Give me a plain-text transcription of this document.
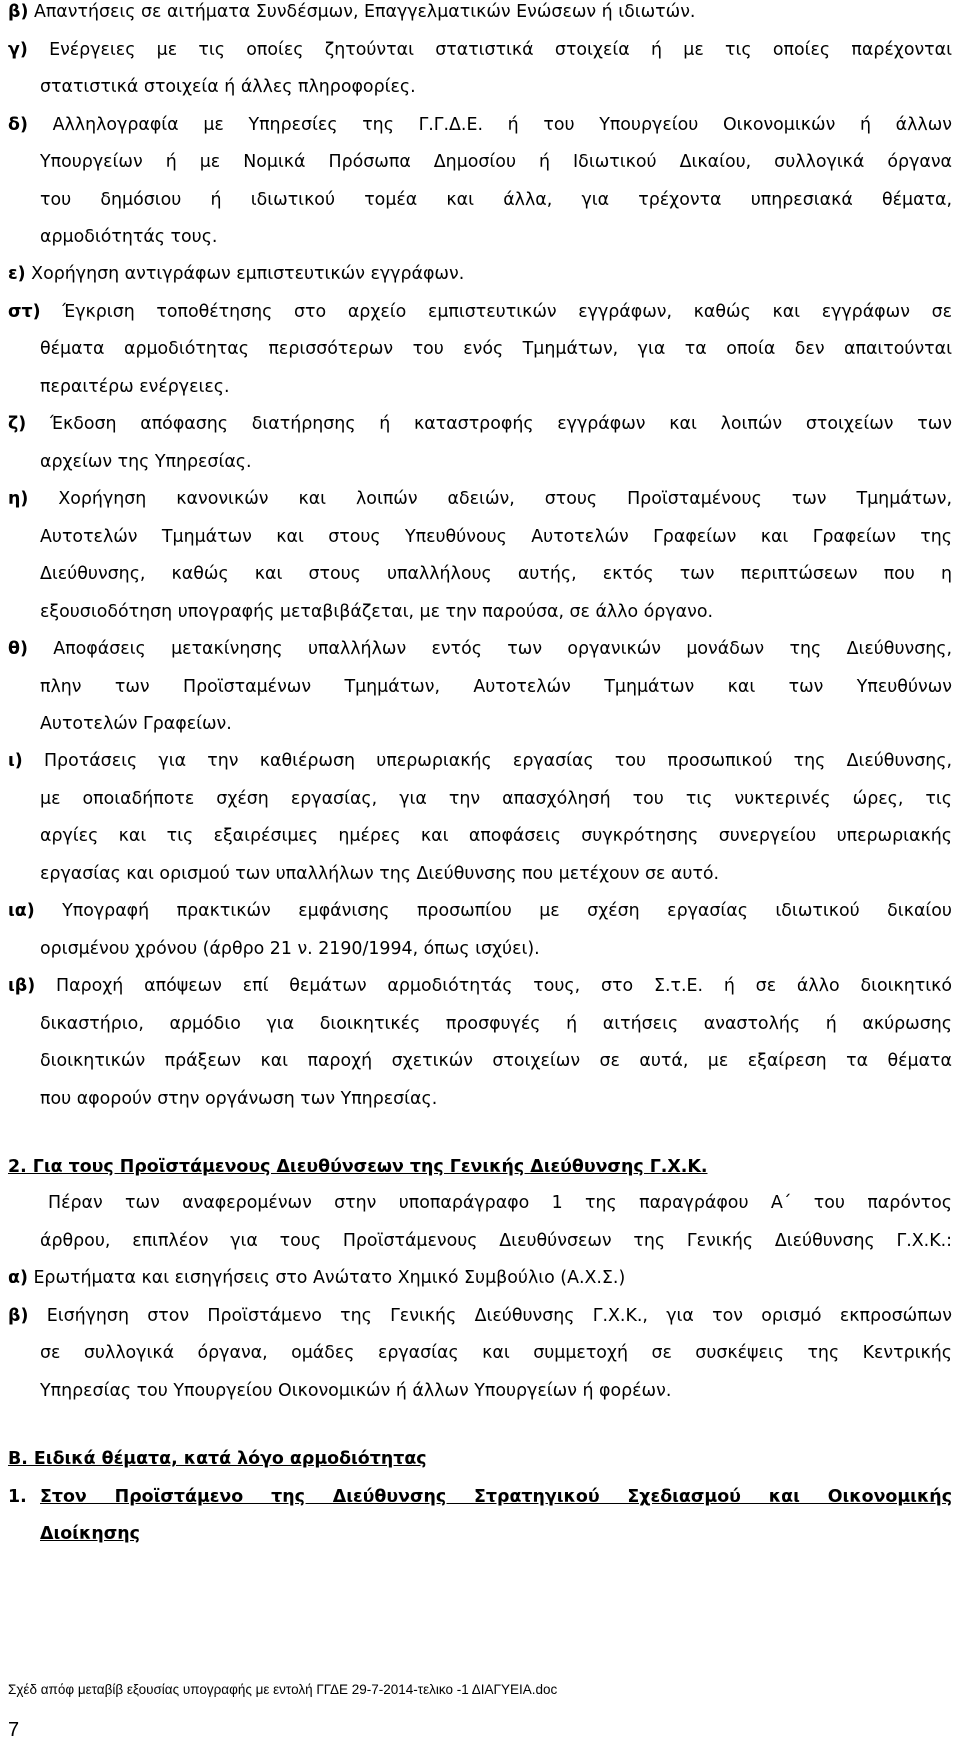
β) Απαντήσεις σε αιτήματα Συνδέσμων, Επαγγελματικών Ενώσεων ή ιδιωτών.
γ) Ενέργειες με τις οποίες ζητούνται στατιστικά στοιχεία ή με τις οποίες παρέχονται
στατιστικά στοιχεία ή άλλες πληροφορίες.
δ) Αλληλογραφία με Υπηρεσίες της Γ.Γ.Δ.Ε. ή του Υπουργείου Οικονομικών ή άλλων
Υπουργείων ή με Νομικά Πρόσωπα Δημοσίου ή Ιδιωτικού Δικαίου, συλλογικά όργανα
του δημόσιου ή ιδιωτικού τομέα και άλλα, για τρέχοντα υπηρεσιακά θέματα,
αρμοδιότητάς τους.
ε) Χορήγηση αντιγράφων εμπιστευτικών εγγράφων.
στ) Έγκριση τοποθέτησης στο αρχείο εμπιστευτικών εγγράφων, καθώς και εγγράφων σε
θέματα αρμοδιότητας περισσότερων του ενός Τμημάτων, για τα οποία δεν απαιτούνται
περαιτέρω ενέργειες.
ζ) Έκδοση απόφασης διατήρησης ή καταστροφής εγγράφων και λοιπών στοιχείων των
αρχείων της Υπηρεσίας.
η) Χορήγηση κανονικών και λοιπών αδειών, στους Προϊσταμένους των Τμημάτων,
Αυτοτελών Τμημάτων και στους Υπευθύνους Αυτοτελών Γραφείων και Γραφείων της
Διεύθυνσης, καθώς και στους υπαλλήλους αυτής, εκτός των περιπτώσεων που η
εξουσιοδότηση υπογραφής μεταβιβάζεται, με την παρούσα, σε άλλο όργανο.
θ) Αποφάσεις μετακίνησης υπαλλήλων εντός των οργανικών μονάδων της Διεύθυνσης,
πλην των Προϊσταμένων Τμημάτων, Αυτοτελών Τμημάτων και των Υπευθύνων
Αυτοτελών Γραφείων.
ι) Προτάσεις για την καθιέρωση υπερωριακής εργασίας του προσωπικού της Διεύθυνσης,
με οποιαδήποτε σχέση εργασίας, για την απασχόλησή του τις νυκτερινές ώρες, τις
αργίες και τις εξαιρέσιμες ημέρες και αποφάσεις συγκρότησης συνεργείου υπερωριακής
εργασίας και ορισμού των υπαλλήλων της Διεύθυνσης που μετέχουν σε αυτό.
ια) Υπογραφή πρακτικών εμφάνισης προσωπίου με σχέση εργασίας ιδιωτικού δικαίου
ορισμένου χρόνου (άρθρο 21 ν. 2190/1994, όπως ισχύει).
ιβ) Παροχή απόψεων επί θεμάτων αρμοδιότητάς τους, στο Σ.τ.Ε. ή σε άλλο διοικητικό
δικαστήριο, αρμόδιο για διοικητικές προσφυγές ή αιτήσεις αναστολής ή ακύρωσης
διοικητικών πράξεων και παροχή σχετικών στοιχείων σε αυτά, με εξαίρεση τα θέματα
που αφορούν στην οργάνωση των Υπηρεσίας.
2. Για τους Προϊστάμενους Διευθύνσεων της Γενικής Διεύθυνσης Γ.Χ.Κ.
Πέραν των αναφερομένων στην υποπαράγραφο 1 της παραγράφου Α΄ του παρόντος
άρθρου, επιπλέον για τους Προϊστάμενους Διευθύνσεων της Γενικής Διεύθυνσης Γ.Χ.Κ.:
α) Ερωτήματα και εισηγήσεις στο Ανώτατο Χημικό Συμβούλιο (Α.Χ.Σ.)
β) Εισήγηση στον Προϊστάμενο της Γενικής Διεύθυνσης Γ.Χ.Κ., για τον ορισμό εκπροσώπων
σε συλλογικά όργανα, ομάδες εργασίας και συμμετοχή σε συσκέψεις της Κεντρικής
Υπηρεσίας του Υπουργείου Οικονομικών ή άλλων Υπουργείων ή φορέων.
Β. Ειδικά θέματα, κατά λόγο αρμοδιότητας
1. Στον Προϊστάμενο της Διεύθυνσης Στρατηγικού Σχεδιασμού και Οικονομικής
Διοίκησης
Σχέδ απόφ μεταβίβ εξουσίας υπογραφής με εντολή ΓΓΔΕ 29-7-2014-τελικο -1 ΔΙΑΓΥΕΙΑ.doc
7
